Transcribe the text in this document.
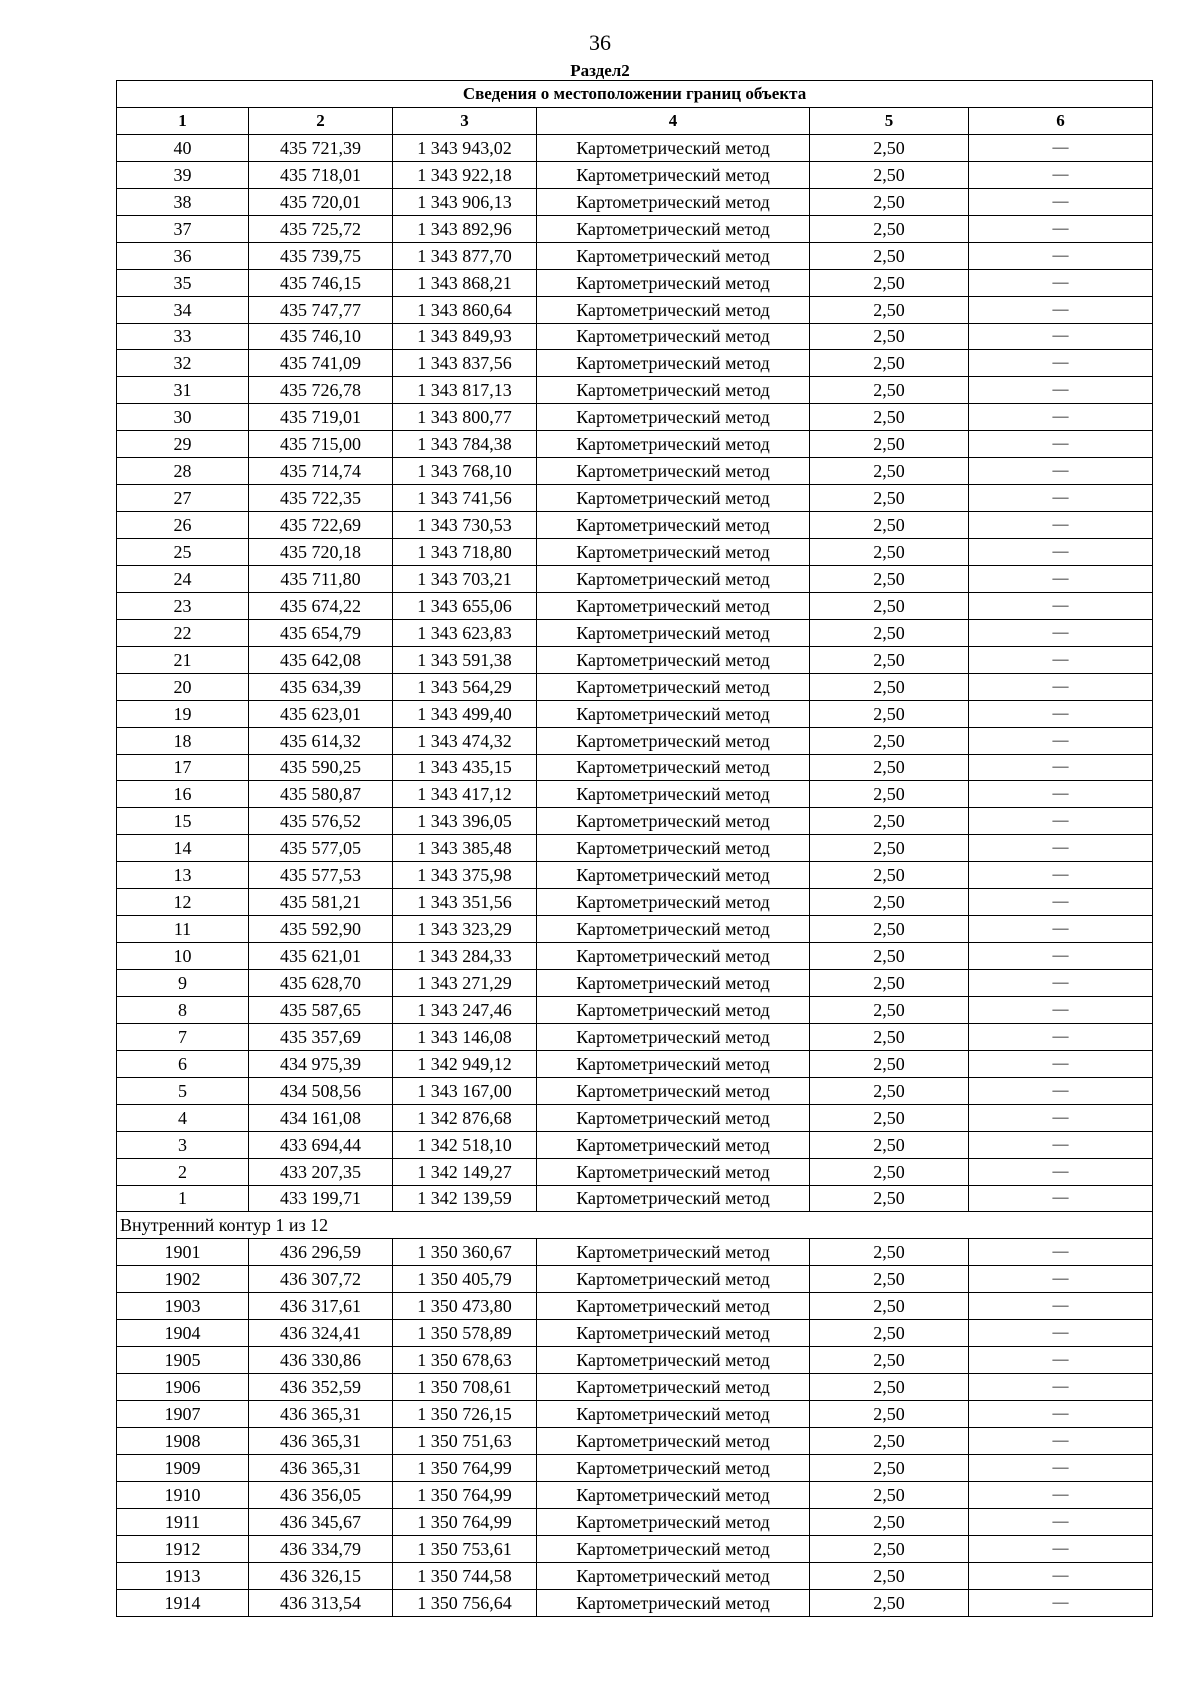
36
Раздел2
Сведения о местоположении границ объекта					
1	2	3	4	5	6
40	435 721,39	1 343 943,02	Картометрический метод	2,50	—
39	435 718,01	1 343 922,18	Картометрический метод	2,50	—
38	435 720,01	1 343 906,13	Картометрический метод	2,50	—
37	435 725,72	1 343 892,96	Картометрический метод	2,50	—
36	435 739,75	1 343 877,70	Картометрический метод	2,50	—
35	435 746,15	1 343 868,21	Картометрический метод	2,50	—
34	435 747,77	1 343 860,64	Картометрический метод	2,50	—
33	435 746,10	1 343 849,93	Картометрический метод	2,50	—
32	435 741,09	1 343 837,56	Картометрический метод	2,50	—
31	435 726,78	1 343 817,13	Картометрический метод	2,50	—
30	435 719,01	1 343 800,77	Картометрический метод	2,50	—
29	435 715,00	1 343 784,38	Картометрический метод	2,50	—
28	435 714,74	1 343 768,10	Картометрический метод	2,50	—
27	435 722,35	1 343 741,56	Картометрический метод	2,50	—
26	435 722,69	1 343 730,53	Картометрический метод	2,50	—
25	435 720,18	1 343 718,80	Картометрический метод	2,50	—
24	435 711,80	1 343 703,21	Картометрический метод	2,50	—
23	435 674,22	1 343 655,06	Картометрический метод	2,50	—
22	435 654,79	1 343 623,83	Картометрический метод	2,50	—
21	435 642,08	1 343 591,38	Картометрический метод	2,50	—
20	435 634,39	1 343 564,29	Картометрический метод	2,50	—
19	435 623,01	1 343 499,40	Картометрический метод	2,50	—
18	435 614,32	1 343 474,32	Картометрический метод	2,50	—
17	435 590,25	1 343 435,15	Картометрический метод	2,50	—
16	435 580,87	1 343 417,12	Картометрический метод	2,50	—
15	435 576,52	1 343 396,05	Картометрический метод	2,50	—
14	435 577,05	1 343 385,48	Картометрический метод	2,50	—
13	435 577,53	1 343 375,98	Картометрический метод	2,50	—
12	435 581,21	1 343 351,56	Картометрический метод	2,50	—
11	435 592,90	1 343 323,29	Картометрический метод	2,50	—
10	435 621,01	1 343 284,33	Картометрический метод	2,50	—
9	435 628,70	1 343 271,29	Картометрический метод	2,50	—
8	435 587,65	1 343 247,46	Картометрический метод	2,50	—
7	435 357,69	1 343 146,08	Картометрический метод	2,50	—
6	434 975,39	1 342 949,12	Картометрический метод	2,50	—
5	434 508,56	1 343 167,00	Картометрический метод	2,50	—
4	434 161,08	1 342 876,68	Картометрический метод	2,50	—
3	433 694,44	1 342 518,10	Картометрический метод	2,50	—
2	433 207,35	1 342 149,27	Картометрический метод	2,50	—
1	433 199,71	1 342 139,59	Картометрический метод	2,50	—
Внутренний контур 1 из 12					
1901	436 296,59	1 350 360,67	Картометрический метод	2,50	—
1902	436 307,72	1 350 405,79	Картометрический метод	2,50	—
1903	436 317,61	1 350 473,80	Картометрический метод	2,50	—
1904	436 324,41	1 350 578,89	Картометрический метод	2,50	—
1905	436 330,86	1 350 678,63	Картометрический метод	2,50	—
1906	436 352,59	1 350 708,61	Картометрический метод	2,50	—
1907	436 365,31	1 350 726,15	Картометрический метод	2,50	—
1908	436 365,31	1 350 751,63	Картометрический метод	2,50	—
1909	436 365,31	1 350 764,99	Картометрический метод	2,50	—
1910	436 356,05	1 350 764,99	Картометрический метод	2,50	—
1911	436 345,67	1 350 764,99	Картометрический метод	2,50	—
1912	436 334,79	1 350 753,61	Картометрический метод	2,50	—
1913	436 326,15	1 350 744,58	Картометрический метод	2,50	—
1914	436 313,54	1 350 756,64	Картометрический метод	2,50	—
